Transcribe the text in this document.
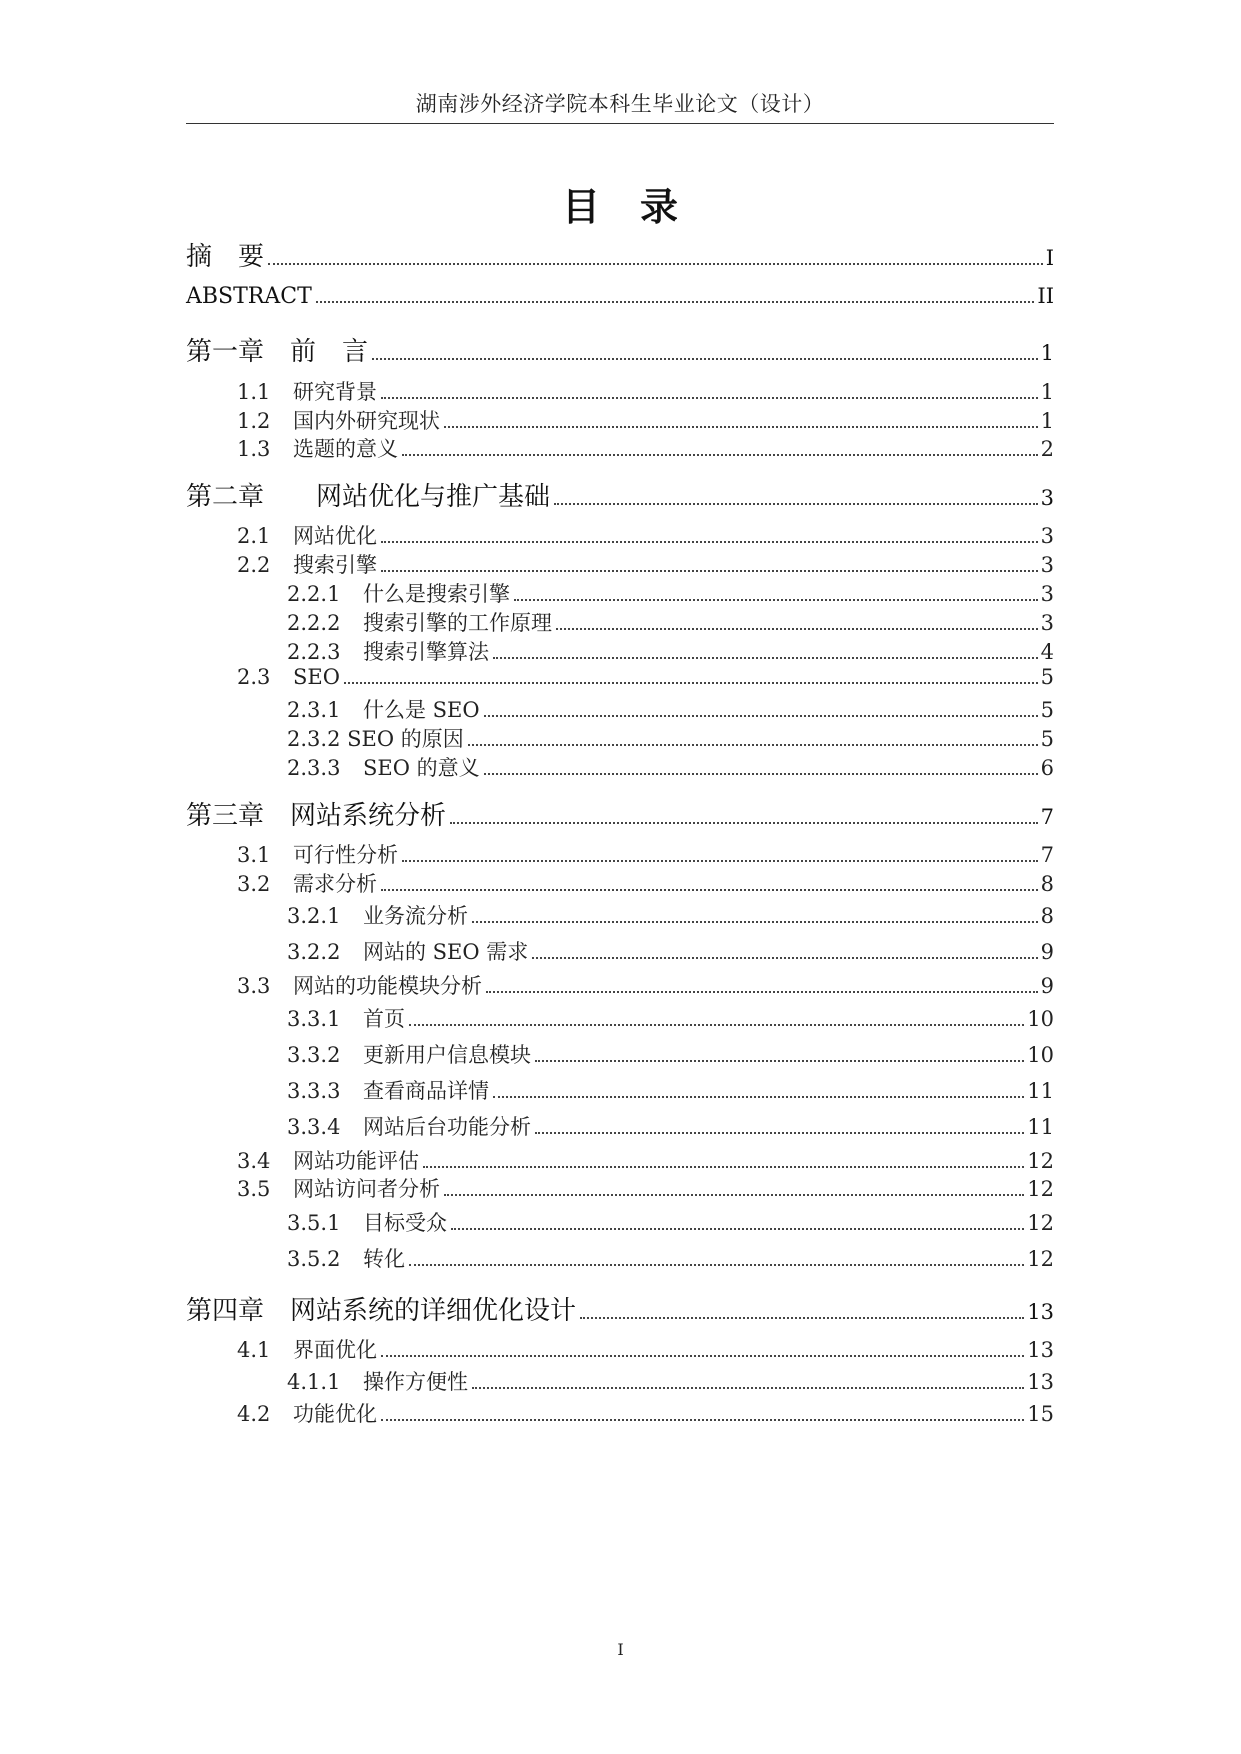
湖南涉外经济学院本科生毕业论文（设计）
目　录
摘　要	I
ABSTRACT	II
第一章　前　言	1
1.1	研究背景	1
1.2	国内外研究现状	1
1.3	选题的意义	2
第二章　　网站优化与推广基础	3
2.1	网站优化	3
2.2	搜索引擎	3
2.2.1	什么是搜索引擎	3
2.2.2	搜索引擎的工作原理	3
2.2.3	搜索引擎算法	4
2.3	SEO	5
2.3.1	什么是 SEO	5
2.3.2 SEO 的原因	5
2.3.3	SEO 的意义	6
第三章　网站系统分析	7
3.1	可行性分析	7
3.2	需求分析	8
3.2.1	业务流分析	8
3.2.2	网站的 SEO 需求	9
3.3	网站的功能模块分析	9
3.3.1	首页	10
3.3.2	更新用户信息模块	10
3.3.3	查看商品详情	11
3.3.4	网站后台功能分析	11
3.4	网站功能评估	12
3.5	网站访问者分析	12
3.5.1	目标受众	12
3.5.2	转化	12
第四章　网站系统的详细优化设计	13
4.1	界面优化	13
4.1.1	操作方便性	13
4.2	功能优化	15
I
